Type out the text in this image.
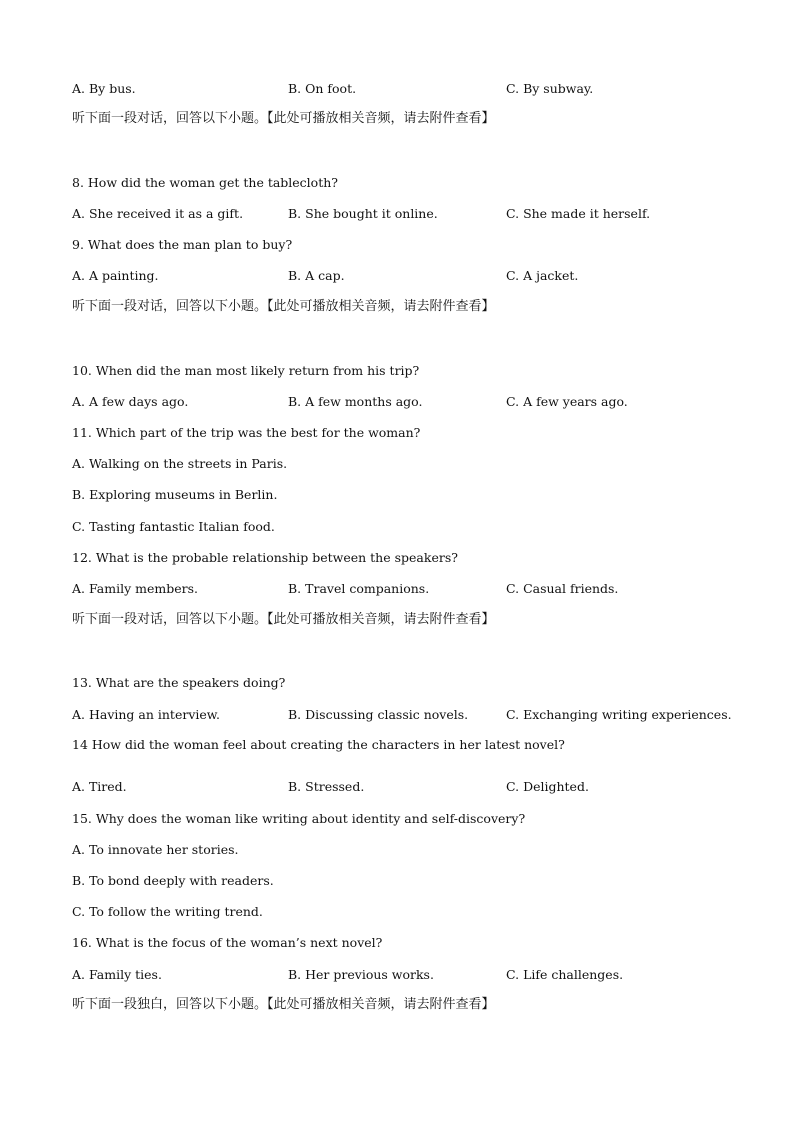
A. By bus.	B. On foot.	C. By subway.
听下面一段对话，回答以下小题。【此处可播放相关音频，请去附件查看】
8. How did the woman get the tablecloth?
A. She received it as a gift.	B. She bought it online.	C. She made it herself.
9. What does the man plan to buy?
A. A painting.	B. A cap.	C. A jacket.
听下面一段对话，回答以下小题。【此处可播放相关音频，请去附件查看】
10. When did the man most likely return from his trip?
A. A few days ago.	B. A few months ago.	C. A few years ago.
11. Which part of the trip was the best for the woman?
A. Walking on the streets in Paris.
B. Exploring museums in Berlin.
C. Tasting fantastic Italian food.
12. What is the probable relationship between the speakers?
A. Family members.	B. Travel companions.	C. Casual friends.
听下面一段对话，回答以下小题。【此处可播放相关音频，请去附件查看】
13. What are the speakers doing?
A. Having an interview.	B. Discussing classic novels.	C. Exchanging writing experiences.
14 How did the woman feel about creating the characters in her latest novel?
A. Tired.	B. Stressed.	C. Delighted.
15. Why does the woman like writing about identity and self-discovery?
A. To innovate her stories.
B. To bond deeply with readers.
C. To follow the writing trend.
16. What is the focus of the woman’s next novel?
A. Family ties.	B. Her previous works.	C. Life challenges.
听下面一段独白，回答以下小题。【此处可播放相关音频，请去附件查看】
